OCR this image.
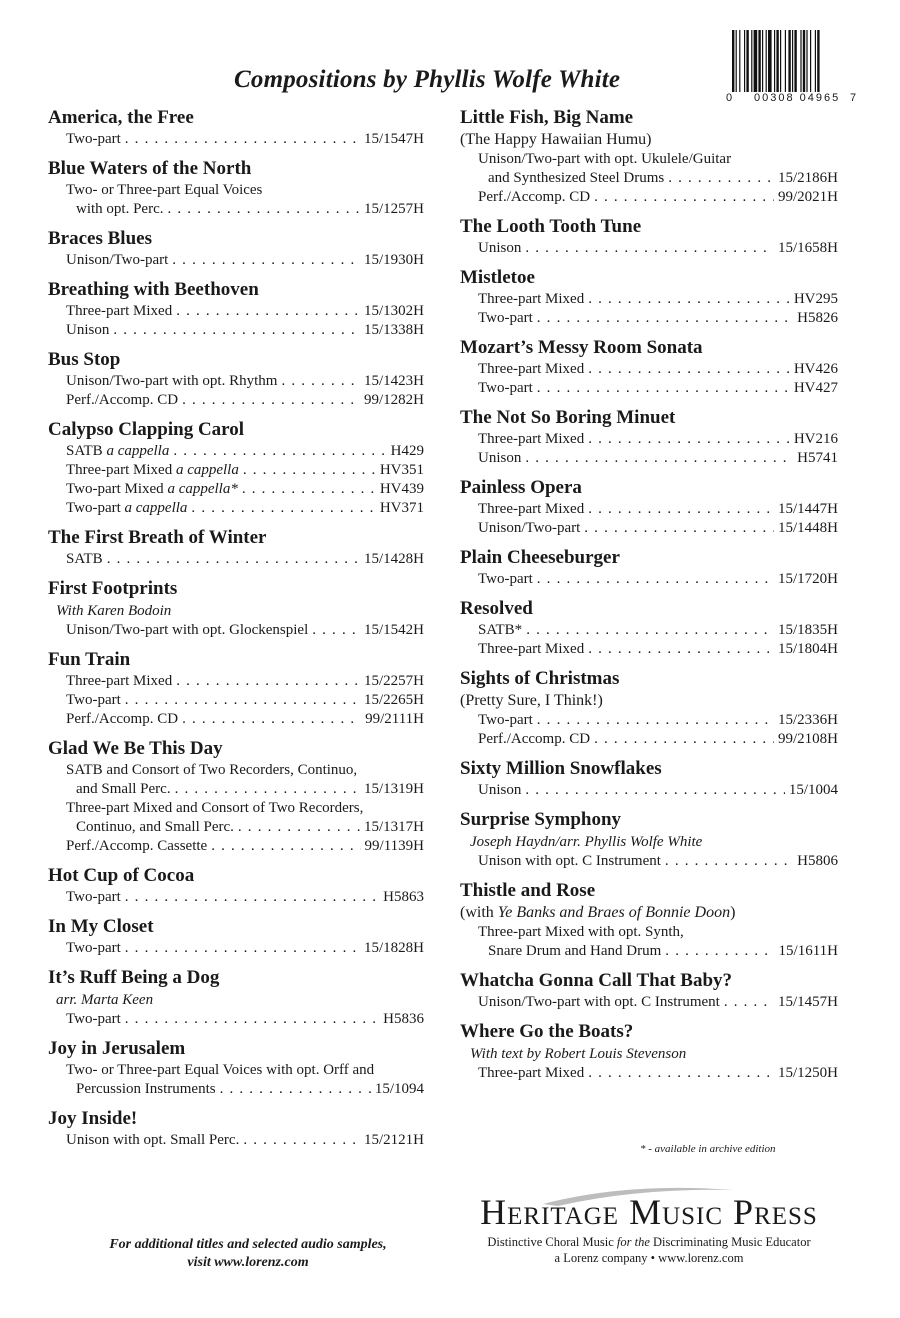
0 00308 04965 7
Compositions by Phyllis Wolfe White
America, the Free
Two-part . . .	15/1547H
Blue Waters of the North
Two- or Three-part Equal Voices
with opt. Perc. . . .	15/1257H
Braces Blues
Unison/Two-part . . .	15/1930H
Breathing with Beethoven
Three-part Mixed . . .	15/1302H
Unison . . .	15/1338H
Bus Stop
Unison/Two-part with opt. Rhythm . . .	15/1423H
Perf./Accomp. CD . . .	99/1282H
Calypso Clapping Carol
SATB a cappella . . .	H429
Three-part Mixed a cappella . . .	HV351
Two-part Mixed a cappella* . . .	HV439
Two-part a cappella . . .	HV371
The First Breath of Winter
SATB . . .	15/1428H
First Footprints
With Karen Bodoin
Unison/Two-part with opt. Glockenspiel . . .	15/1542H
Fun Train
Three-part Mixed . . .	15/2257H
Two-part . . .	15/2265H
Perf./Accomp. CD . . .	99/2111H
Glad We Be This Day
SATB and Consort of Two Recorders, Continuo,
and Small Perc. . . .	15/1319H
Three-part Mixed and Consort of Two Recorders,
Continuo, and Small Perc. . . .	15/1317H
Perf./Accomp. Cassette . . .	99/1139H
Hot Cup of Cocoa
Two-part . . .	H5863
In My Closet
Two-part . . .	15/1828H
It’s Ruff Being a Dog
arr. Marta Keen
Two-part . . .	H5836
Joy in Jerusalem
Two- or Three-part Equal Voices with opt. Orff and
Percussion Instruments . . .	15/1094
Joy Inside!
Unison with opt. Small Perc. . . .	15/2121H
Little Fish, Big Name
(The Happy Hawaiian Humu)
Unison/Two-part with opt. Ukulele/Guitar
and Synthesized Steel Drums . . .	15/2186H
Perf./Accomp. CD . . .	99/2021H
The Looth Tooth Tune
Unison . . .	15/1658H
Mistletoe
Three-part Mixed . . .	HV295
Two-part . . .	H5826
Mozart’s Messy Room Sonata
Three-part Mixed . . .	HV426
Two-part . . .	HV427
The Not So Boring Minuet
Three-part Mixed . . .	HV216
Unison . . .	H5741
Painless Opera
Three-part Mixed . . .	15/1447H
Unison/Two-part . . .	15/1448H
Plain Cheeseburger
Two-part . . .	15/1720H
Resolved
SATB* . . .	15/1835H
Three-part Mixed . . .	15/1804H
Sights of Christmas
(Pretty Sure, I Think!)
Two-part . . .	15/2336H
Perf./Accomp. CD . . .	99/2108H
Sixty Million Snowflakes
Unison . . .	15/1004
Surprise Symphony
Joseph Haydn/arr. Phyllis Wolfe White
Unison with opt. C Instrument . . .	H5806
Thistle and Rose
(with Ye Banks and Braes of Bonnie Doon)
Three-part Mixed with opt. Synth,
Snare Drum and Hand Drum . . .	15/1611H
Whatcha Gonna Call That Baby?
Unison/Two-part with opt. C Instrument . . .	15/1457H
Where Go the Boats?
With text by Robert Louis Stevenson
Three-part Mixed . . .	15/1250H
* - available in archive edition
For additional titles and selected audio samples,
visit www.lorenz.com
Heritage Music Press
Distinctive Choral Music for the Discriminating Music Educator
a Lorenz company • www.lorenz.com
